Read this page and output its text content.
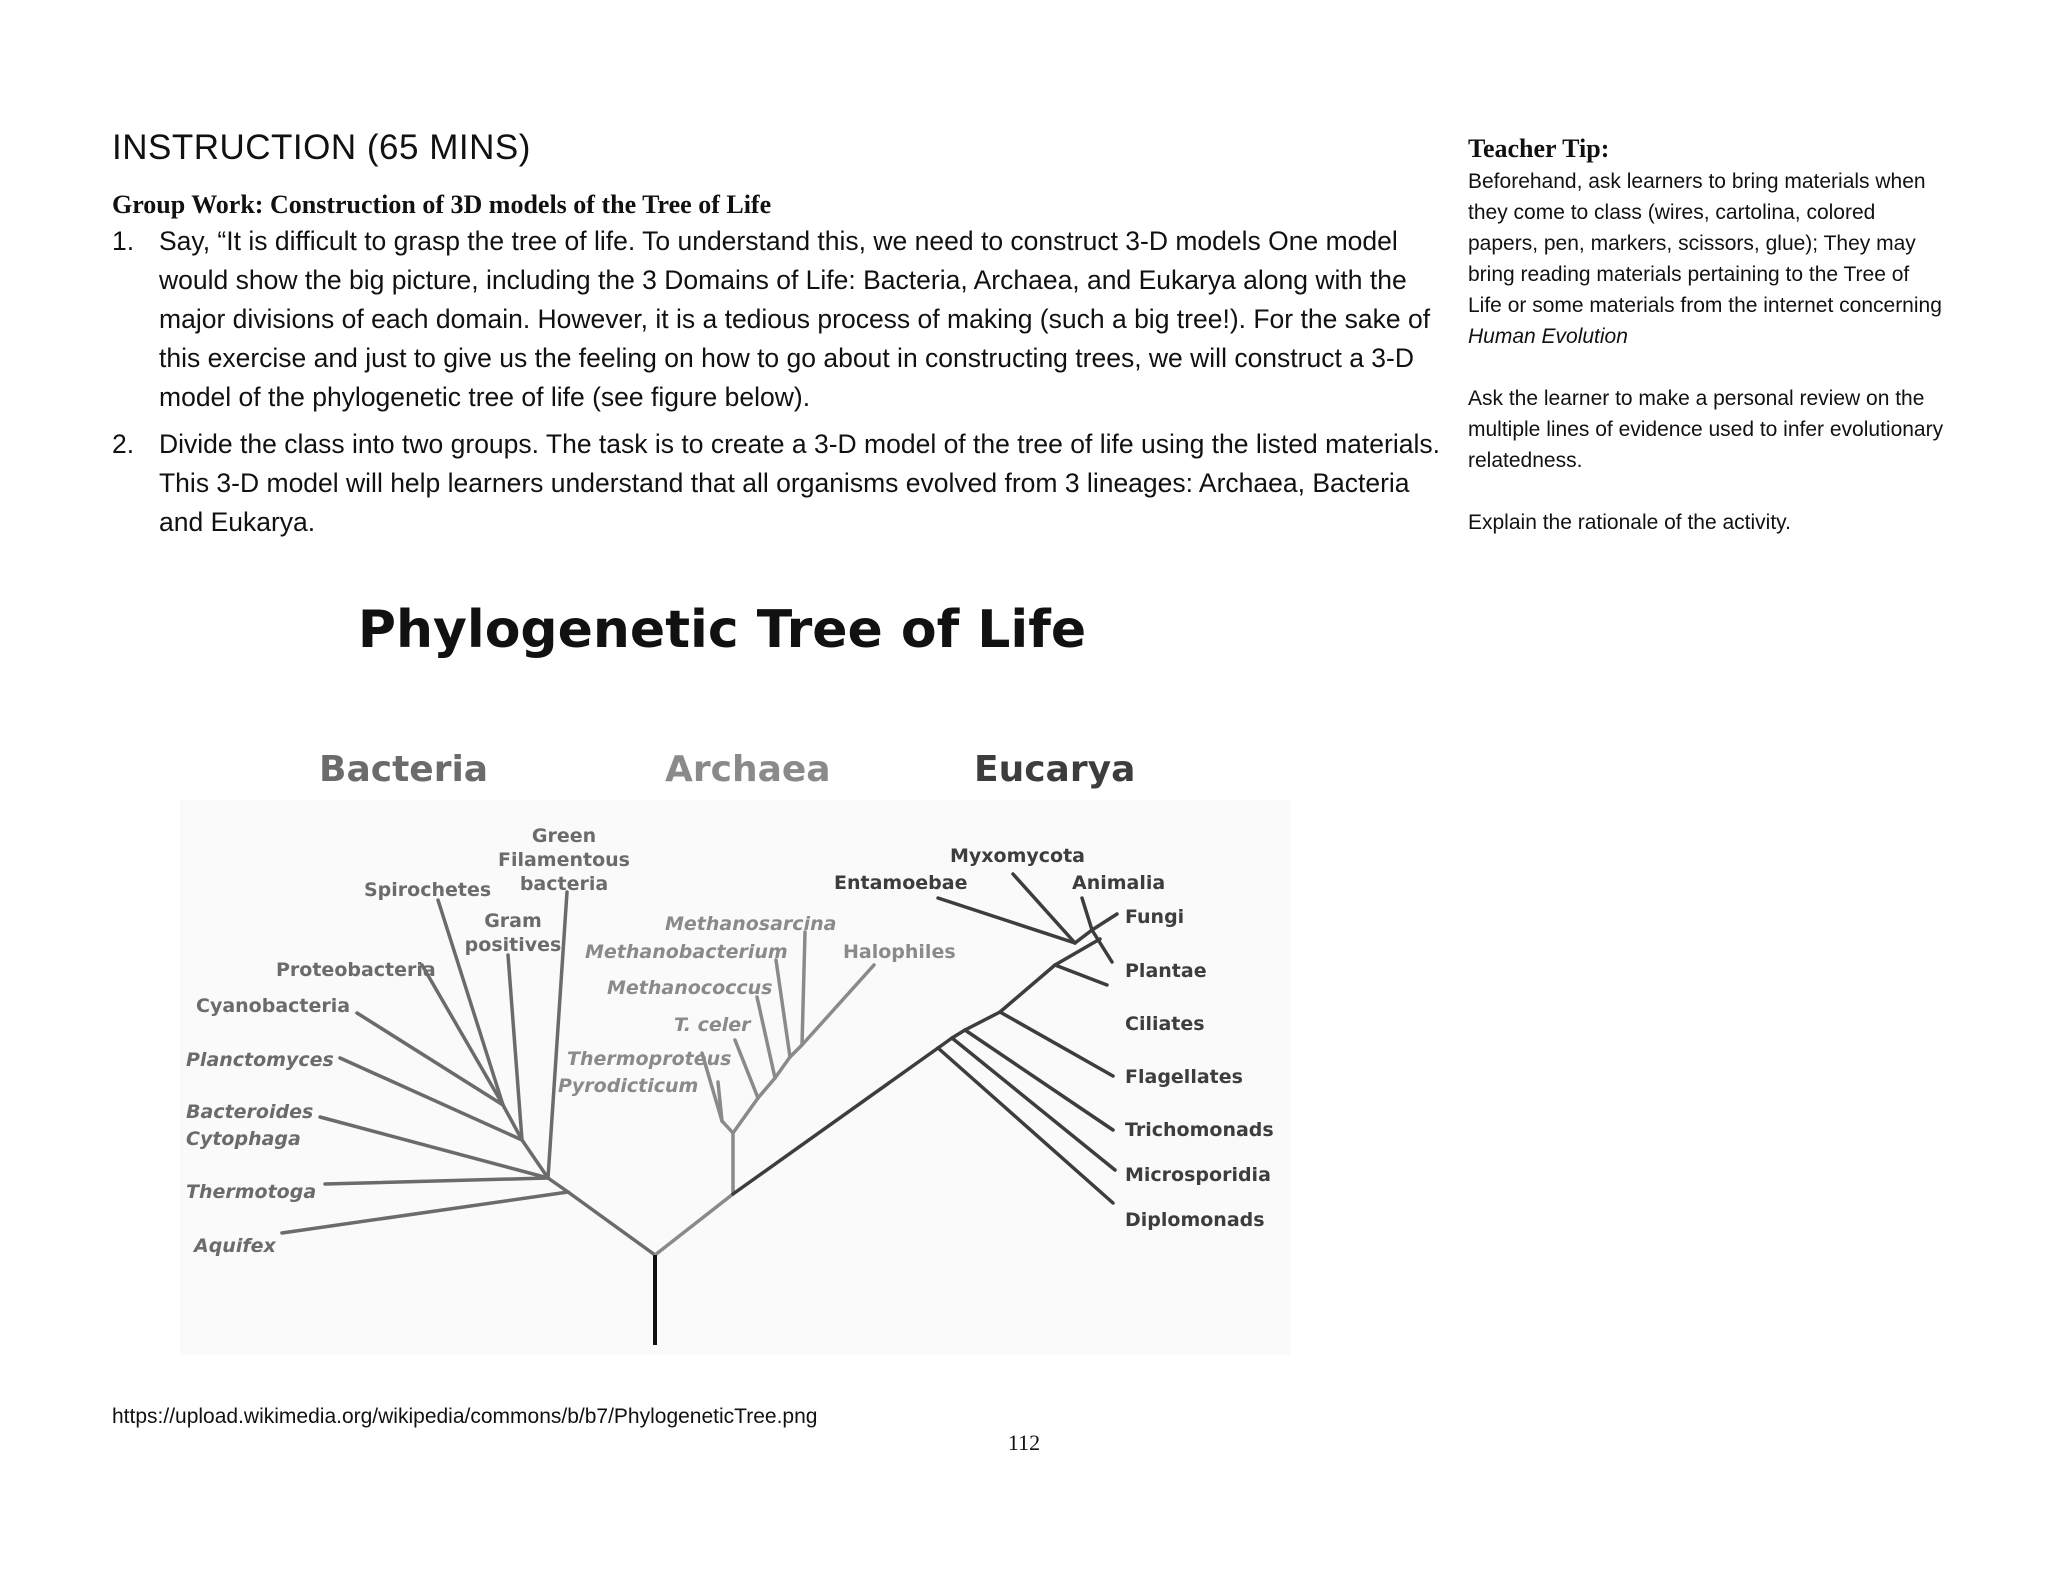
INSTRUCTION (65 MINS)
Group Work: Construction of 3D models of the Tree of Life
1. Say, “It is difficult to grasp the tree of life. To understand this, we need to construct 3-D models One model would show the big picture, including the 3 Domains of Life: Bacteria, Archaea, and Eukarya along with the major divisions of each domain. However, it is a tedious process of making (such a big tree!). For the sake of this exercise and just to give us the feeling on how to go about in constructing trees, we will construct a 3-D model of the phylogenetic tree of life (see figure below).
2. Divide the class into two groups. The task is to create a 3-D model of the tree of life using the listed materials. This 3-D model will help learners understand that all organisms evolved from 3 lineages: Archaea, Bacteria and Eukarya.
Teacher Tip:

Beforehand, ask learners to bring materials when they come to class (wires, cartolina, colored papers, pen, markers, scissors, glue); They may bring reading materials pertaining to the Tree of Life or some materials from the internet concerning Human Evolution

Ask the learner to make a personal review on the multiple lines of evidence used to infer evolutionary relatedness.

Explain the rationale of the activity.

Phylogenetic Tree of Life
Bacteria	Archaea	Eucarya
Green
Filamentous
bacteria
Spirochetes
Gram
positives
Proteobacteria
Cyanobacteria
Planctomyces
Bacteroides
Cytophaga
Thermotoga
Aquifex
Methanosarcina
Methanobacterium	Halophiles
Methanococcus
T. celer
Thermoproteus
Pyrodicticum
Myxomycota
Entamoebae	Animalia
Fungi
Plantae
Ciliates
Flagellates
Trichomonads
Microsporidia
Diplomonads
https://upload.wikimedia.org/wikipedia/commons/b/b7/PhylogeneticTree.png
112
